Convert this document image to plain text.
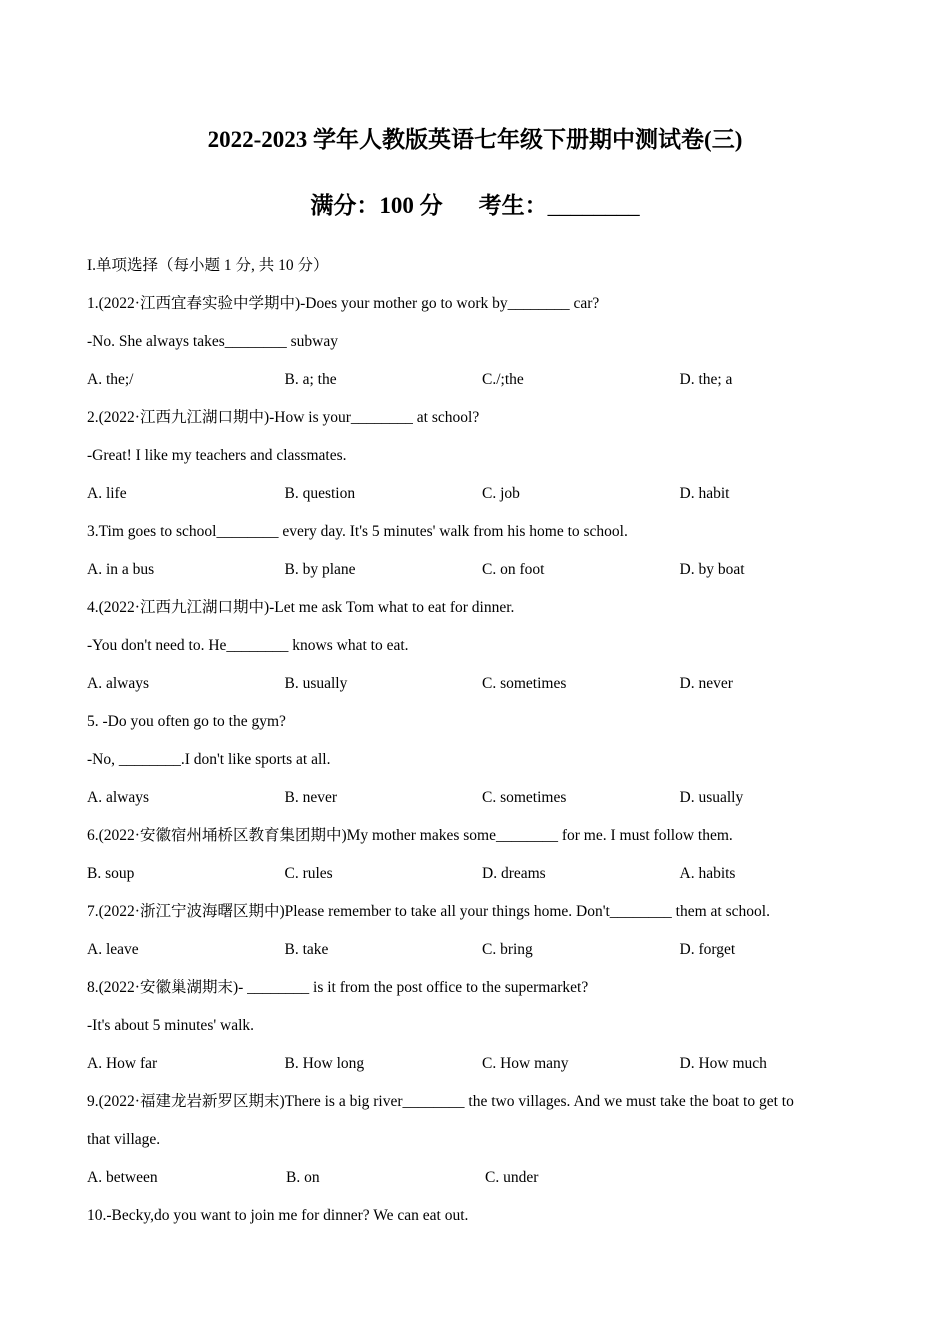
2022-2023 学年人教版英语七年级下册期中测试卷(三)
满分：100 分 考生：________
I.单项选择（每小题 1 分, 共 10 分）
1.(2022·江西宜春实验中学期中)-Does your mother go to work by________ car?
-No. She always takes________ subway
A. the;/	B. a; the	C./;the	D. the; a
2.(2022·江西九江湖口期中)-How is your________ at school?
-Great! I like my teachers and classmates.
A. life	B. question	C. job	D. habit
3.Tim goes to school________ every day. It's 5 minutes' walk from his home to school.
A. in a bus	B. by plane	C. on foot	D. by boat
4.(2022·江西九江湖口期中)-Let me ask Tom what to eat for dinner.
-You don't need to. He________ knows what to eat.
A. always	B. usually	C. sometimes	D. never
5. -Do you often go to the gym?
-No, ________.I don't like sports at all.
A. always	B. never	C. sometimes	D. usually
6.(2022·安徽宿州埇桥区教育集团期中)My mother makes some________ for me. I must follow them.
B. soup	C. rules	D. dreams	A. habits
7.(2022·浙江宁波海曙区期中)Please remember to take all your things home. Don't________ them at school.
A. leave	B. take	C. bring	D. forget
8.(2022·安徽巢湖期末)- ________ is it from the post office to the supermarket?
-It's about 5 minutes' walk.
A. How far	B. How long	C. How many	D. How much
9.(2022·福建龙岩新罗区期末)There is a big river________ the two villages. And we must take the boat to get to
that village.
A. between	B. on	C. under
10.-Becky,do you want to join me for dinner? We can eat out.
